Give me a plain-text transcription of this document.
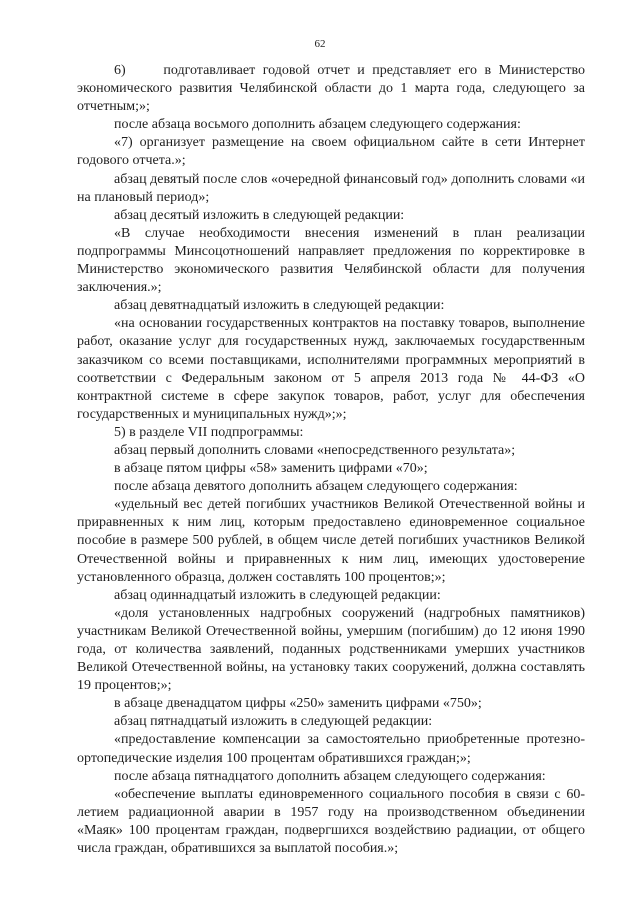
62

6)     подготавливает годовой отчет и представляет его в Министерство экономического развития Челябинской области до 1 марта года, следующего за отчетным;»;

после абзаца восьмого дополнить абзацем следующего содержания:

«7) организует размещение на своем официальном сайте в сети Интернет годового отчета.»;

абзац девятый после слов «очередной финансовый год» дополнить словами «и на плановый период»;

абзац десятый изложить в следующей редакции:

«В случае необходимости внесения изменений в план реализации подпрограммы Минсоцотношений направляет предложения по корректировке в Министерство экономического развития Челябинской области для получения заключения.»;

абзац девятнадцатый изложить в следующей редакции:

«на основании государственных контрактов на поставку товаров, выполнение работ, оказание услуг для государственных нужд, заключаемых государственным заказчиком со всеми поставщиками, исполнителями программных мероприятий в соответствии с Федеральным законом от 5 апреля 2013 года № 44-ФЗ «О контрактной системе в сфере закупок товаров, работ, услуг для обеспечения государственных и муниципальных нужд»;»;

5) в разделе VII подпрограммы:

абзац первый дополнить словами «непосредственного результата»;

в абзаце пятом цифры «58» заменить цифрами «70»;

после абзаца девятого дополнить абзацем следующего содержания:

«удельный вес детей погибших участников Великой Отечественной войны и приравненных к ним лиц, которым предоставлено единовременное социальное пособие в размере 500 рублей, в общем числе детей погибших участников Великой Отечественной войны и приравненных к ним лиц, имеющих удостоверение установленного образца, должен составлять 100 процентов;»;

абзац одиннадцатый изложить в следующей редакции:

«доля установленных надгробных сооружений (надгробных памятников) участникам Великой Отечественной войны, умершим (погибшим) до 12 июня 1990 года, от количества заявлений, поданных родственниками умерших участников Великой Отечественной войны, на установку таких сооружений, должна составлять 19 процентов;»;

в абзаце двенадцатом цифры «250» заменить цифрами «750»;

абзац пятнадцатый изложить в следующей редакции:

«предоставление компенсации за самостоятельно приобретенные протезно-ортопедические изделия 100 процентам обратившихся граждан;»;

после абзаца пятнадцатого дополнить абзацем следующего содержания:

«обеспечение выплаты единовременного социального пособия в связи с 60-летием радиационной аварии в 1957 году на производственном объединении «Маяк» 100 процентам граждан, подвергшихся воздействию радиации, от общего числа граждан, обратившихся за выплатой пособия.»;
